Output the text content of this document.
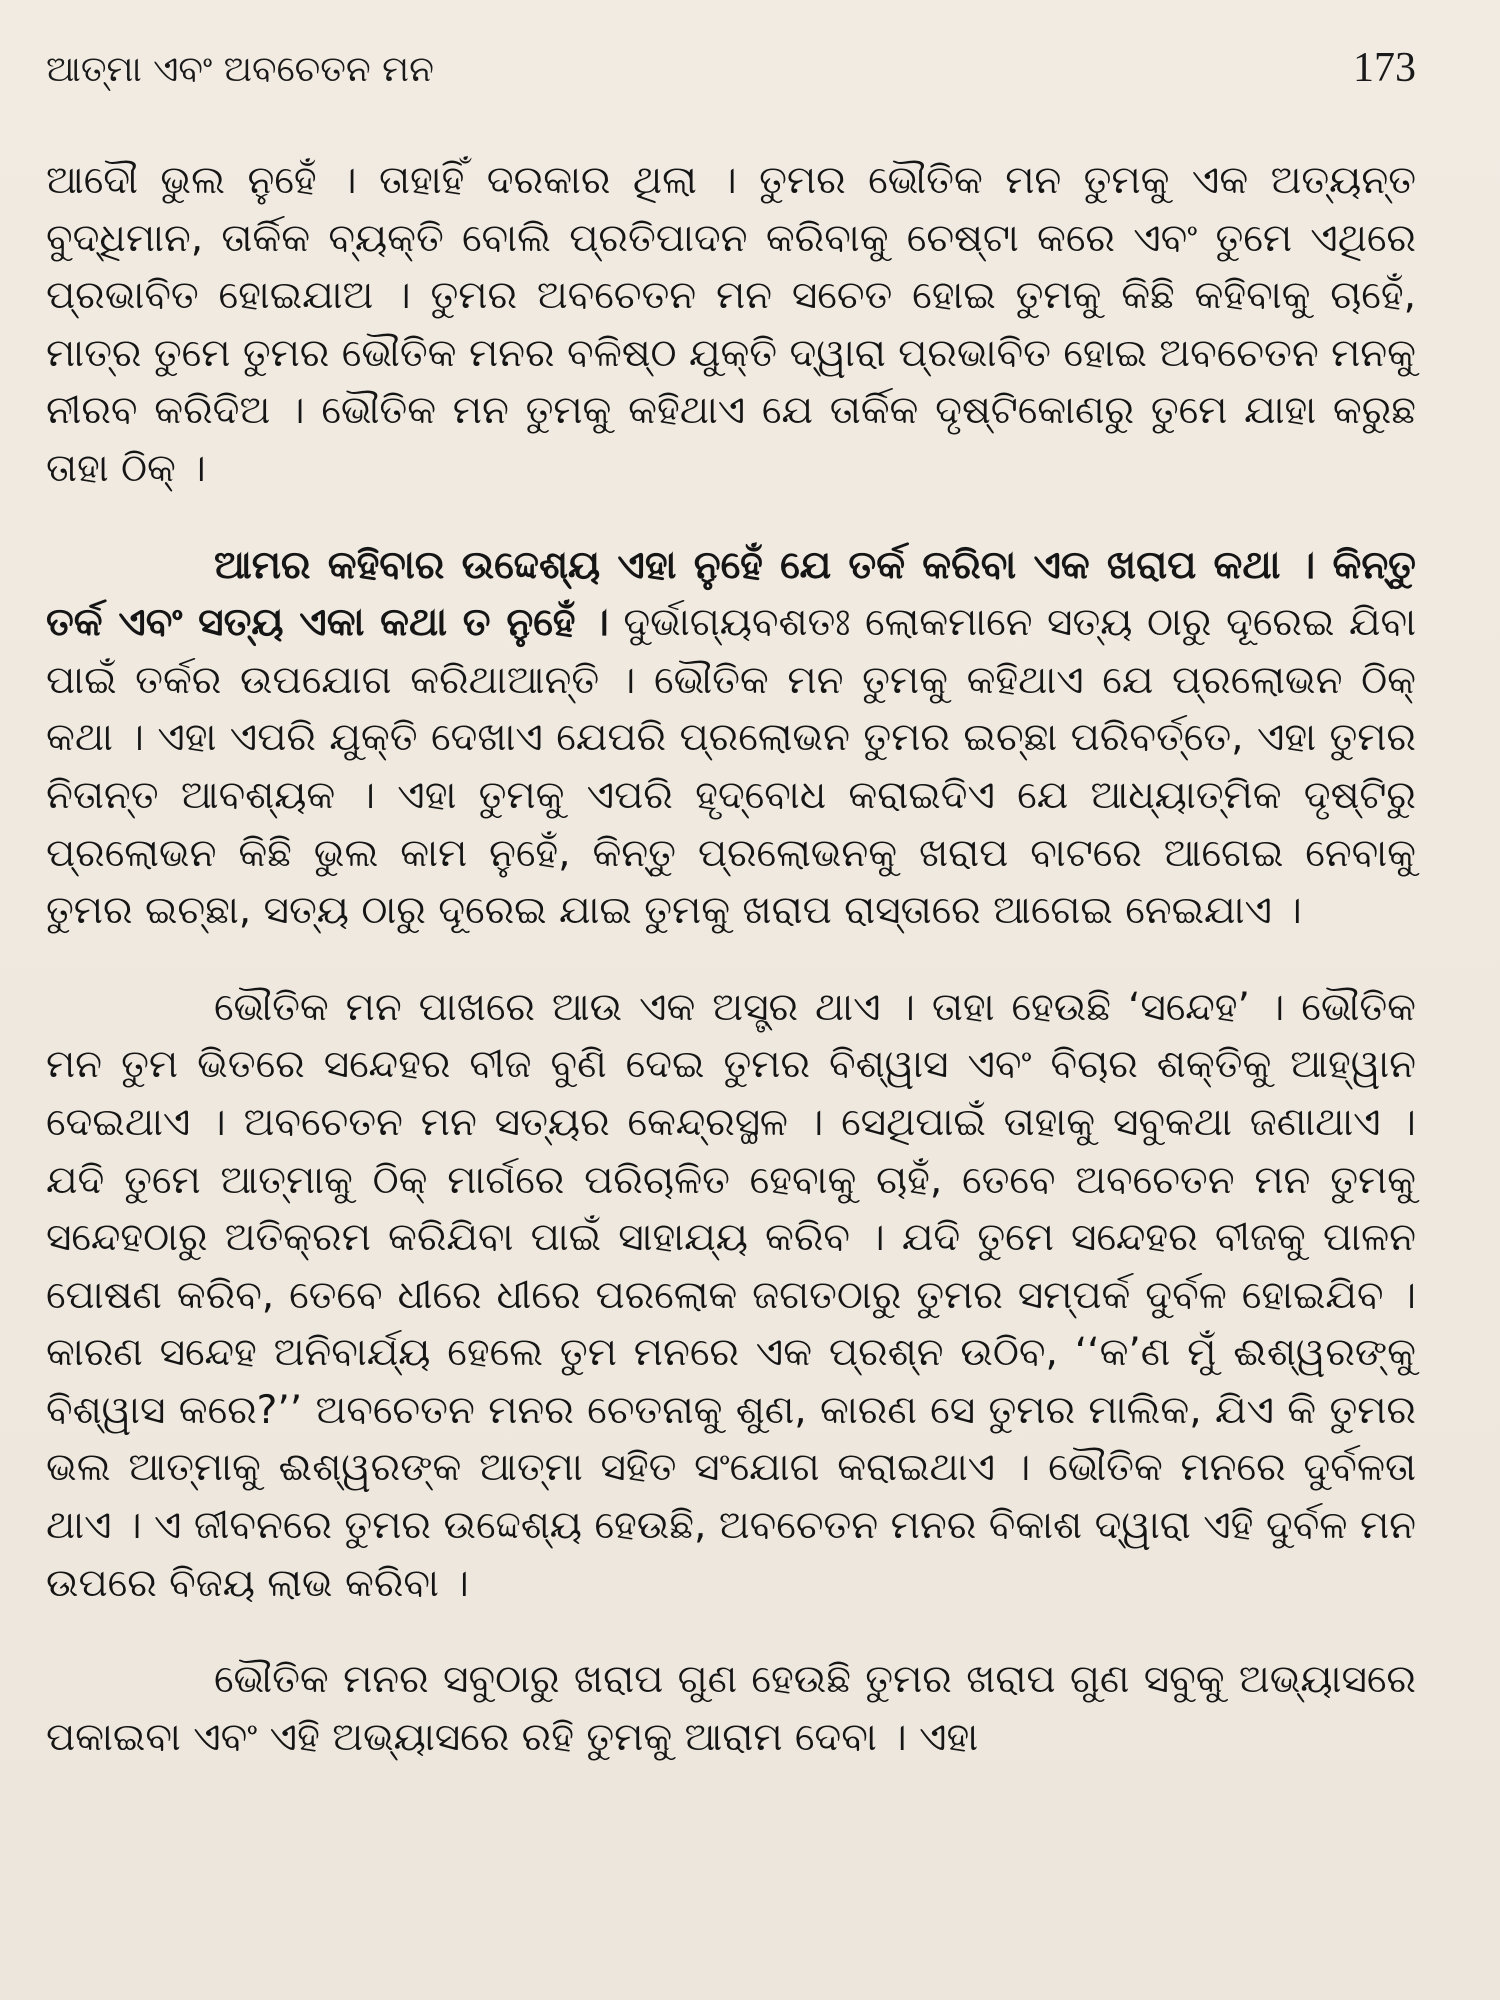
ଆତ୍ମା ଏବଂ ଅବଚେତନ ମନ	173

ଆଦୌ ଭୁଲ ନୁହେଁ । ତାହାହିଁ ଦରକାର ଥିଲା । ତୁମର ଭୌତିକ ମନ ତୁମକୁ ଏକ ଅତ୍ୟନ୍ତ ବୁଦ୍ଧିମାନ, ତାର୍କିକ ବ୍ୟକ୍ତି ବୋଲି ପ୍ରତିପାଦନ କରିବାକୁ ଚେଷ୍ଟା କରେ ଏବଂ ତୁମେ ଏଥିରେ ପ୍ରଭାବିତ ହୋଇଯାଅ । ତୁମର ଅବଚେତନ ମନ ସଚେତ ହୋଇ ତୁମକୁ କିଛି କହିବାକୁ ଚାହେଁ, ମାତ୍ର ତୁମେ ତୁମର ଭୌତିକ ମନର ବଳିଷ୍ଠ ଯୁକ୍ତି ଦ୍ୱାରା ପ୍ରଭାବିତ ହୋଇ ଅବଚେତନ ମନକୁ ନୀରବ କରିଦିଅ । ଭୌତିକ ମନ ତୁମକୁ କହିଥାଏ ଯେ ତାର୍କିକ ଦୃଷ୍ଟିକୋଣରୁ ତୁମେ ଯାହା କରୁଛ ତାହା ଠିକ୍ ।

ଆମର କହିବାର ଉଦ୍ଦେଶ୍ୟ ଏହା ନୁହେଁ ଯେ ତର୍କ କରିବା ଏକ ଖରାପ କଥା । କିନ୍ତୁ ତର୍କ ଏବଂ ସତ୍ୟ ଏକା କଥା ତ ନୁହେଁ । ଦୁର୍ଭାଗ୍ୟବଶତଃ ଲୋକମାନେ ସତ୍ୟ ଠାରୁ ଦୂରେଇ ଯିବା ପାଇଁ ତର୍କର ଉପଯୋଗ କରିଥାଆନ୍ତି । ଭୌତିକ ମନ ତୁମକୁ କହିଥାଏ ଯେ ପ୍ରଲୋଭନ ଠିକ୍ କଥା । ଏହା ଏପରି ଯୁକ୍ତି ଦେଖାଏ ଯେପରି ପ୍ରଲୋଭନ ତୁମର ଇଚ୍ଛା ପରିବର୍ତ୍ତେ, ଏହା ତୁମର ନିତାନ୍ତ ଆବଶ୍ୟକ । ଏହା ତୁମକୁ ଏପରି ହୃଦ୍‌ବୋଧ କରାଇଦିଏ ଯେ ଆଧ୍ୟାତ୍ମିକ ଦୃଷ୍ଟିରୁ ପ୍ରଲୋଭନ କିଛି ଭୁଲ କାମ ନୁହେଁ, କିନ୍ତୁ ପ୍ରଲୋଭନକୁ ଖରାପ ବାଟରେ ଆଗେଇ ନେବାକୁ ତୁମର ଇଚ୍ଛା, ସତ୍ୟ ଠାରୁ ଦୂରେଇ ଯାଇ ତୁମକୁ ଖରାପ ରାସ୍ତାରେ ଆଗେଇ ନେଇଯାଏ ।

ଭୌତିକ ମନ ପାଖରେ ଆଉ ଏକ ଅସ୍ତ୍ର ଥାଏ । ତାହା ହେଉଛି ‘ସନ୍ଦେହ’ । ଭୌତିକ ମନ ତୁମ ଭିତରେ ସନ୍ଦେହର ବୀଜ ବୁଣି ଦେଇ ତୁମର ବିଶ୍ୱାସ ଏବଂ ବିଚାର ଶକ୍ତିକୁ ଆହ୍ୱାନ ଦେଇଥାଏ । ଅବଚେତନ ମନ ସତ୍ୟର କେନ୍ଦ୍ରସ୍ଥଳ । ସେଥିପାଇଁ ତାହାକୁ ସବୁକଥା ଜଣାଥାଏ । ଯଦି ତୁମେ ଆତ୍ମାକୁ ଠିକ୍ ମାର୍ଗରେ ପରିଚାଳିତ ହେବାକୁ ଚାହଁ, ତେବେ ଅବଚେତନ ମନ ତୁମକୁ ସନ୍ଦେହଠାରୁ ଅତିକ୍ରମ କରିଯିବା ପାଇଁ ସାହାଯ୍ୟ କରିବ । ଯଦି ତୁମେ ସନ୍ଦେହର ବୀଜକୁ ପାଳନ ପୋଷଣ କରିବ, ତେବେ ଧୀରେ ଧୀରେ ପରଲୋକ ଜଗତଠାରୁ ତୁମର ସମ୍ପର୍କ ଦୁର୍ବଳ ହୋଇଯିବ । କାରଣ ସନ୍ଦେହ ଅନିବାର୍ଯ୍ୟ ହେଲେ ତୁମ ମନରେ ଏକ ପ୍ରଶ୍ନ ଉଠିବ, ‘‘କ’ଣ ମୁଁ ଈଶ୍ୱରଙ୍କୁ ବିଶ୍ୱାସ କରେ?’’ ଅବଚେତନ ମନର ଚେତନାକୁ ଶୁଣ, କାରଣ ସେ ତୁମର ମାଲିକ, ଯିଏ କି ତୁମର ଭଲ ଆତ୍ମାକୁ ଈଶ୍ୱରଙ୍କ ଆତ୍ମା ସହିତ ସଂଯୋଗ କରାଇଥାଏ । ଭୌତିକ ମନରେ ଦୁର୍ବଳତା ଥାଏ । ଏ ଜୀବନରେ ତୁମର ଉଦ୍ଦେଶ୍ୟ ହେଉଛି, ଅବଚେତନ ମନର ବିକାଶ ଦ୍ୱାରା ଏହି ଦୁର୍ବଳ ମନ ଉପରେ ବିଜୟ ଲାଭ କରିବା ।

ଭୌତିକ ମନର ସବୁଠାରୁ ଖରାପ ଗୁଣ ହେଉଛି ତୁମର ଖରାପ ଗୁଣ ସବୁକୁ ଅଭ୍ୟାସରେ ପକାଇବା ଏବଂ ଏହି ଅଭ୍ୟାସରେ ରହି ତୁମକୁ ଆରାମ ଦେବା । ଏହା
